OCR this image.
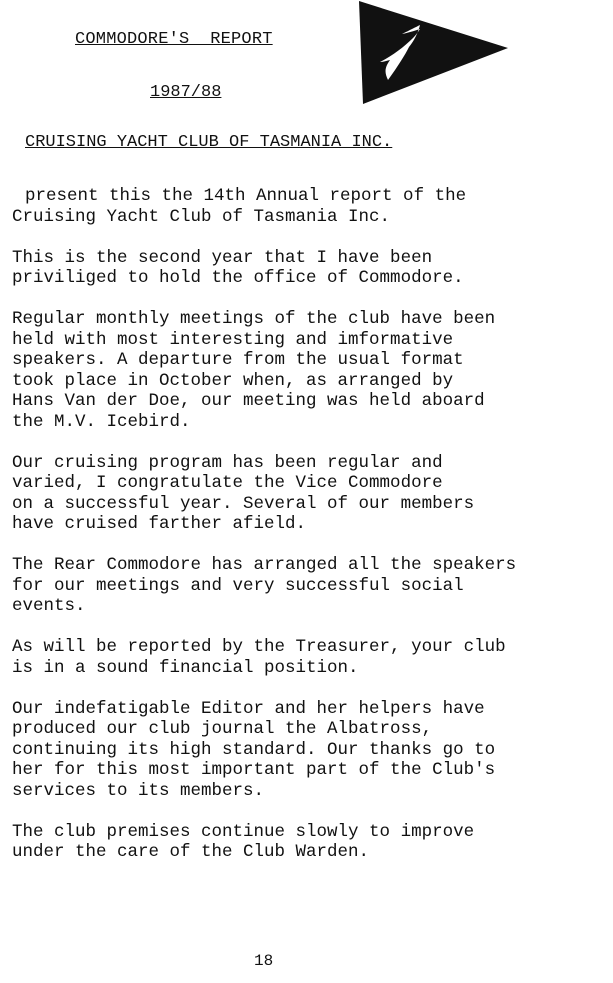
COMMODORE'S  REPORT
1987/88
CRUISING YACHT CLUB OF TASMANIA INC.

present this the 14th Annual report of the
Cruising Yacht Club of Tasmania Inc.

This is the second year that I have been
priviliged to hold the office of Commodore.

Regular monthly meetings of the club have been
held with most interesting and imformative
speakers. A departure from the usual format
took place in October when, as arranged by
Hans Van der Doe, our meeting was held aboard
the M.V. Icebird.

Our cruising program has been regular and
varied, I congratulate the Vice Commodore
on a successful year. Several of our members
have cruised farther afield.

The Rear Commodore has arranged all the speakers
for our meetings and very successful social
events.

As will be reported by the Treasurer, your club
is in a sound financial position.

Our indefatigable Editor and her helpers have
produced our club journal the Albatross,
continuing its high standard. Our thanks go to
her for this most important part of the Club's
services to its members.

The club premises continue slowly to improve
under the care of the Club Warden.

18
